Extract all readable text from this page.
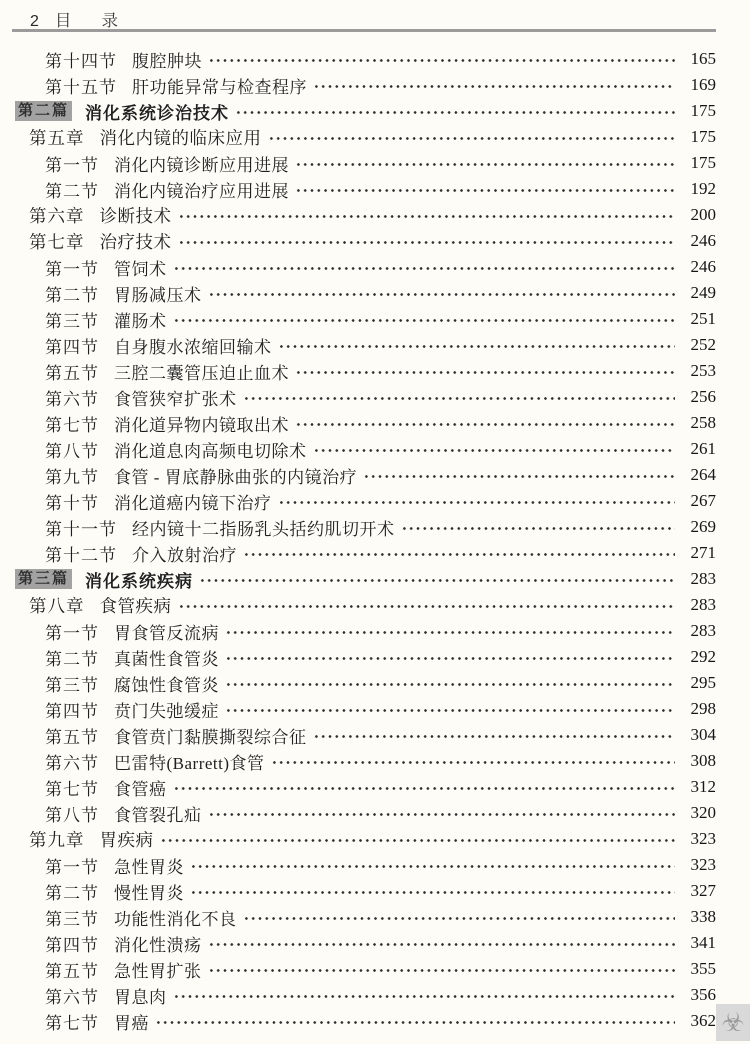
2 目 录
第十四节 腹腔肿块	165
第十五节 肝功能异常与检查程序	169
第二篇 消化系统诊治技术	175
第五章 消化内镜的临床应用	175
第一节 消化内镜诊断应用进展	175
第二节 消化内镜治疗应用进展	192
第六章 诊断技术	200
第七章 治疗技术	246
第一节 管饲术	246
第二节 胃肠减压术	249
第三节 灌肠术	251
第四节 自身腹水浓缩回输术	252
第五节 三腔二囊管压迫止血术	253
第六节 食管狭窄扩张术	256
第七节 消化道异物内镜取出术	258
第八节 消化道息肉高频电切除术	261
第九节 食管 - 胃底静脉曲张的内镜治疗	264
第十节 消化道癌内镜下治疗	267
第十一节 经内镜十二指肠乳头括约肌切开术	269
第十二节 介入放射治疗	271
第三篇 消化系统疾病	283
第八章 食管疾病	283
第一节 胃食管反流病	283
第二节 真菌性食管炎	292
第三节 腐蚀性食管炎	295
第四节 贲门失弛缓症	298
第五节 食管贲门黏膜撕裂综合征	304
第六节 巴雷特(Barrett)食管	308
第七节 食管癌	312
第八节 食管裂孔疝	320
第九章 胃疾病	323
第一节 急性胃炎	323
第二节 慢性胃炎	327
第三节 功能性消化不良	338
第四节 消化性溃疡	341
第五节 急性胃扩张	355
第六节 胃息肉	356
第七节 胃癌	362 ☣
